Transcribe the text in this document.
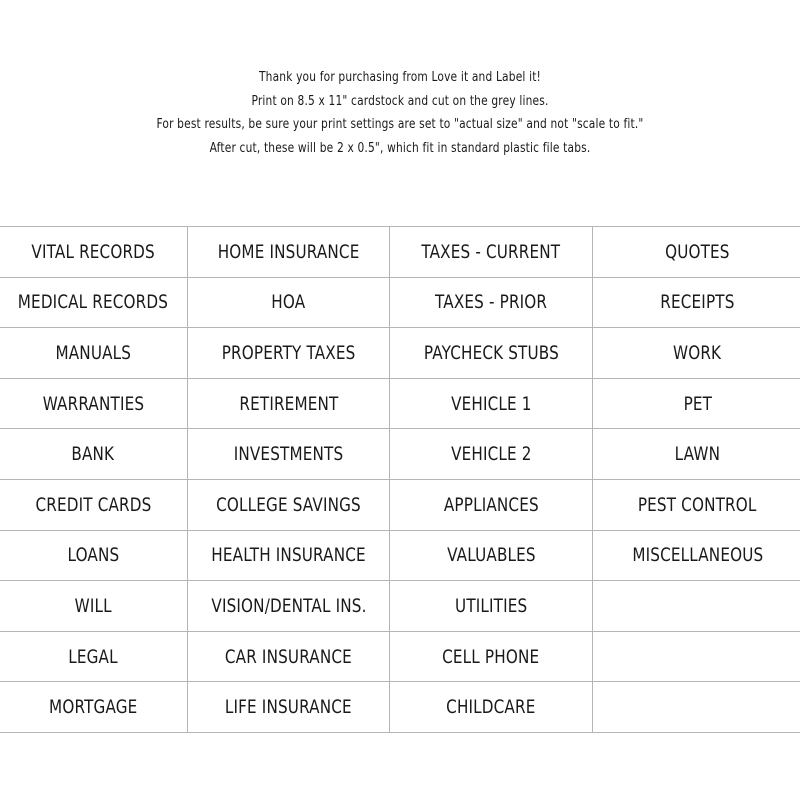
Thank you for purchasing from Love it and Label it!
Print on 8.5 x 11" cardstock and cut on the grey lines.
For best results, be sure your print settings are set to "actual size" and not "scale to fit."
After cut, these will be 2 x 0.5", which fit in standard plastic file tabs.
VITAL RECORDS	HOME INSURANCE	TAXES - CURRENT	QUOTES
MEDICAL RECORDS	HOA	TAXES - PRIOR	RECEIPTS
MANUALS	PROPERTY TAXES	PAYCHECK STUBS	WORK
WARRANTIES	RETIREMENT	VEHICLE 1	PET
BANK	INVESTMENTS	VEHICLE 2	LAWN
CREDIT CARDS	COLLEGE SAVINGS	APPLIANCES	PEST CONTROL
LOANS	HEALTH INSURANCE	VALUABLES	MISCELLANEOUS
WILL	VISION/DENTAL INS.	UTILITIES	
LEGAL	CAR INSURANCE	CELL PHONE	
MORTGAGE	LIFE INSURANCE	CHILDCARE	
